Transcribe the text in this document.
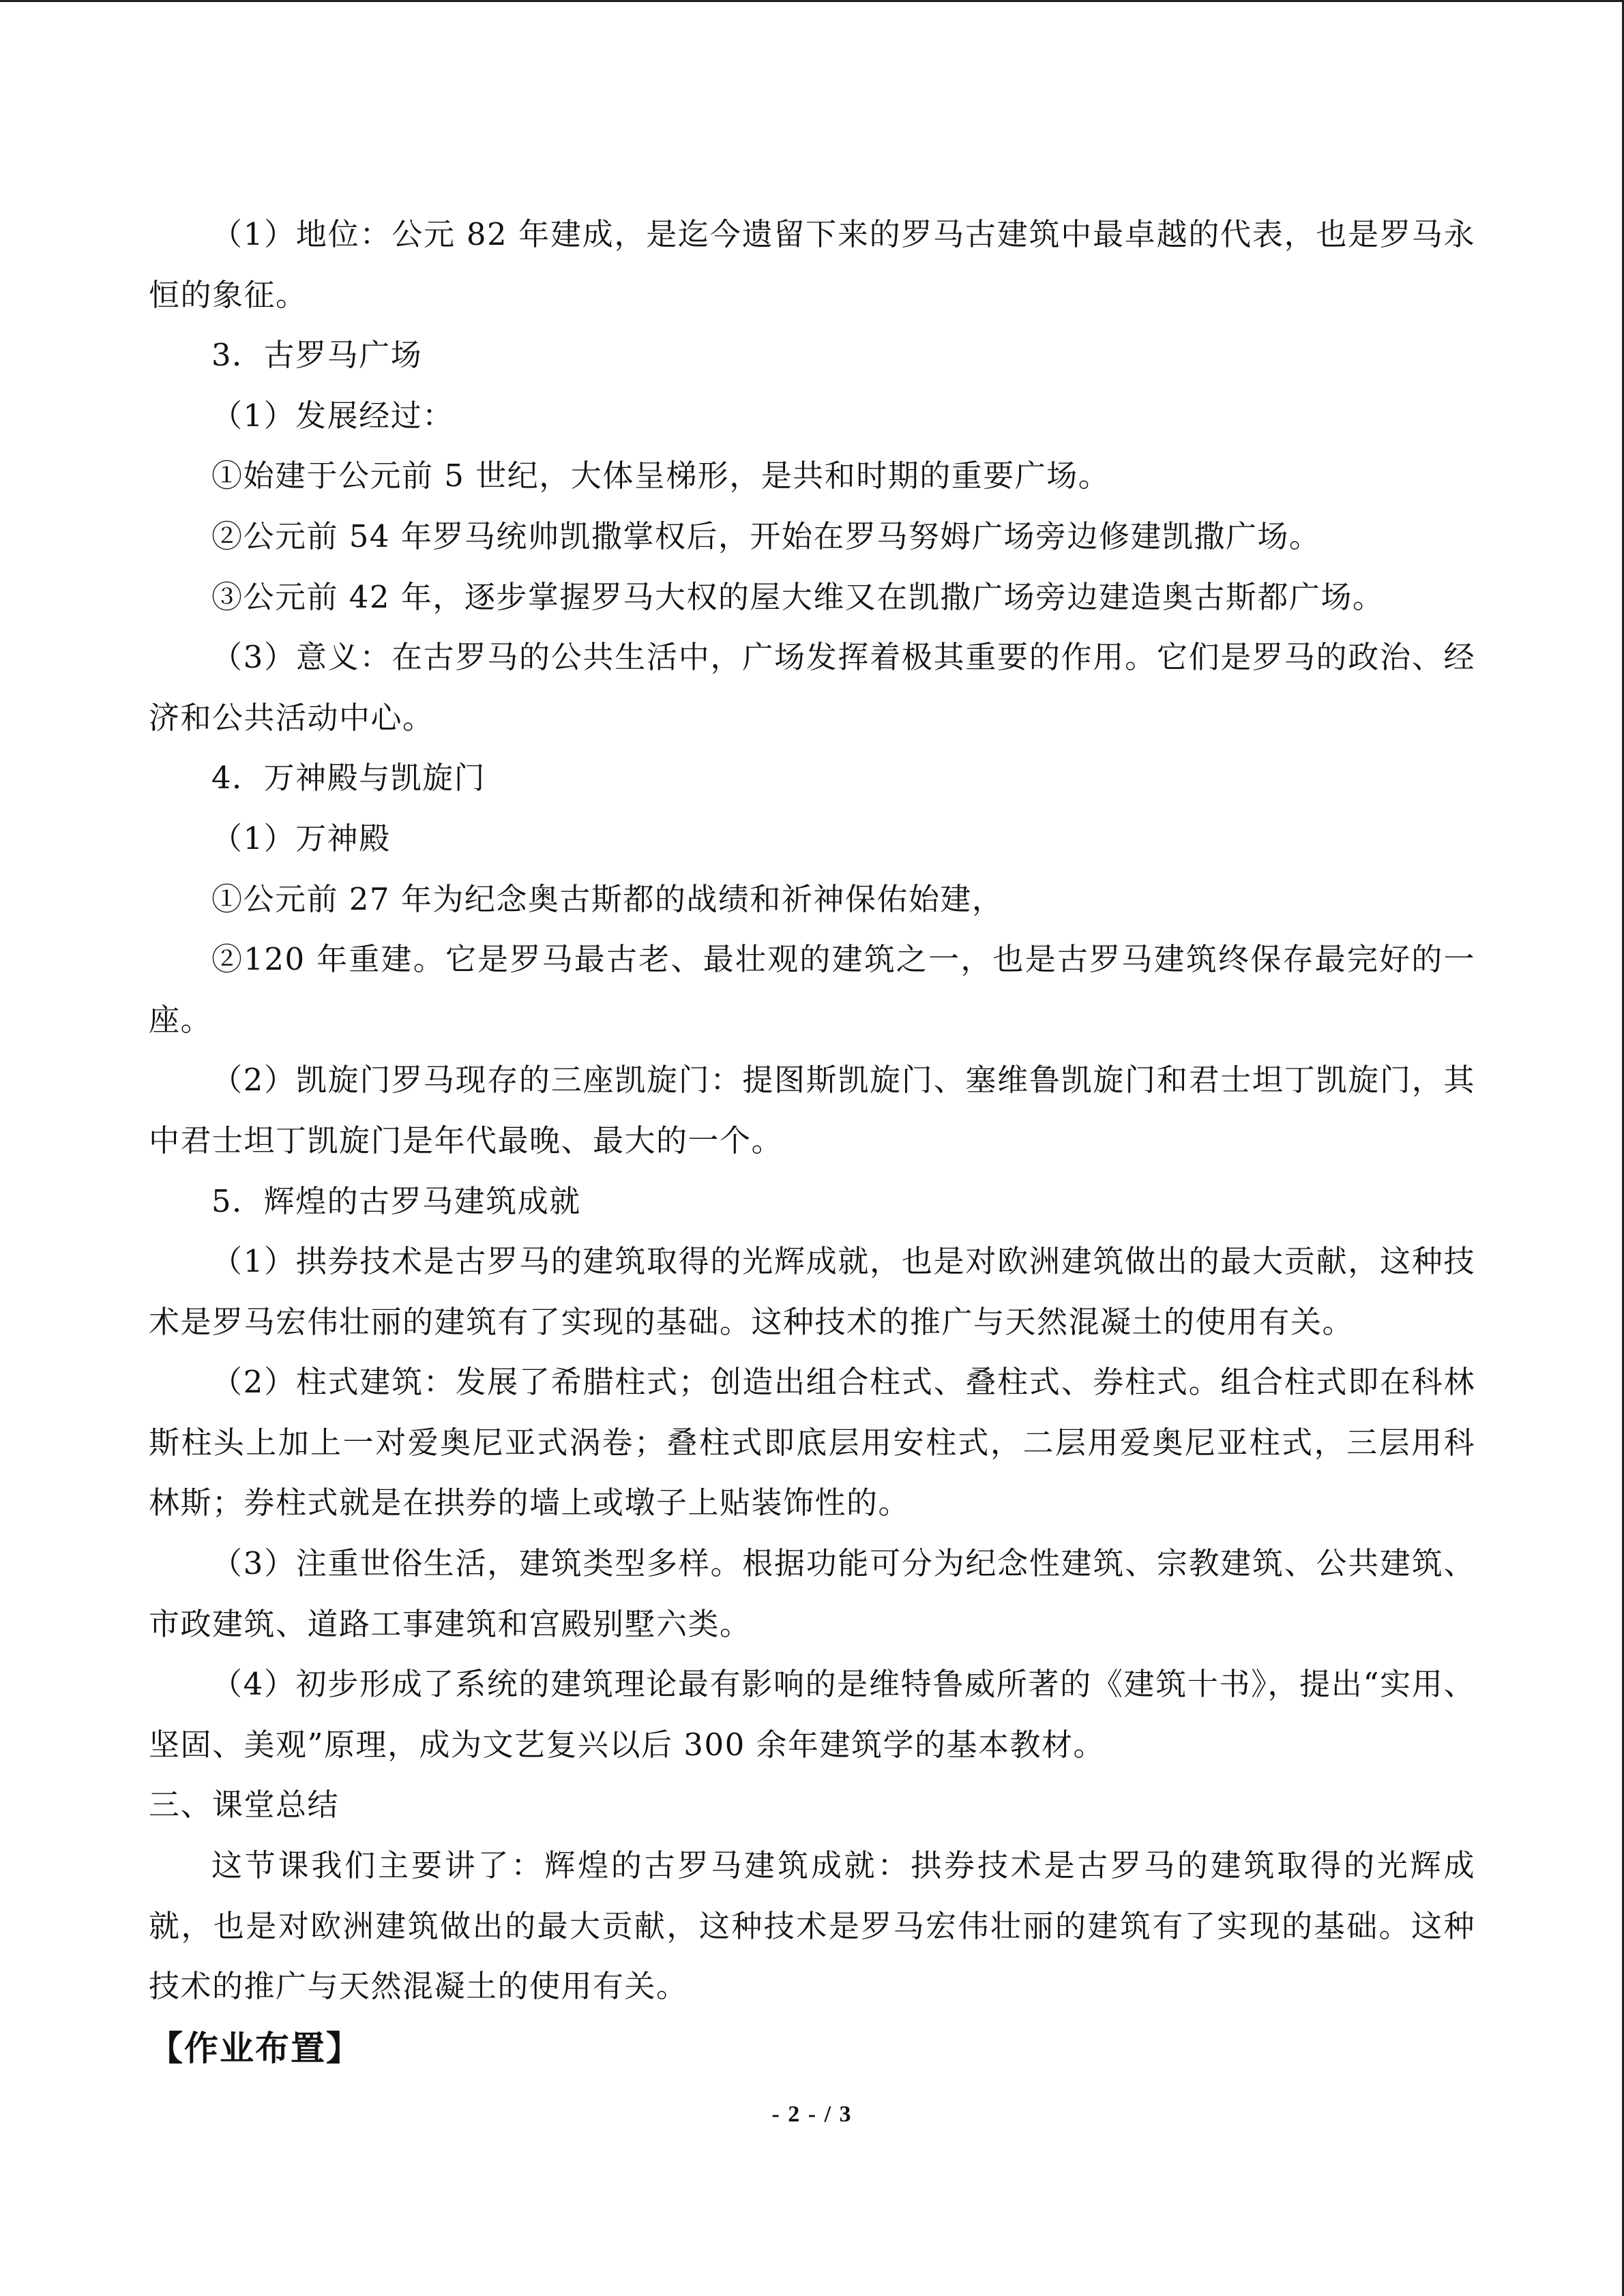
（1）地位：公元 82 年建成，是迄今遗留下来的罗马古建筑中最卓越的代表，也是罗马永恒的象征。

3．古罗马广场

（1）发展经过：

①始建于公元前 5 世纪，大体呈梯形，是共和时期的重要广场。

②公元前 54 年罗马统帅凯撒掌权后，开始在罗马努姆广场旁边修建凯撒广场。

③公元前 42 年，逐步掌握罗马大权的屋大维又在凯撒广场旁边建造奥古斯都广场。

（3）意义：在古罗马的公共生活中，广场发挥着极其重要的作用。它们是罗马的政治、经济和公共活动中心。

4．万神殿与凯旋门

（1）万神殿

①公元前 27 年为纪念奥古斯都的战绩和祈神保佑始建，

②120 年重建。它是罗马最古老、最壮观的建筑之一，也是古罗马建筑终保存最完好的一座。

（2）凯旋门罗马现存的三座凯旋门：提图斯凯旋门、塞维鲁凯旋门和君士坦丁凯旋门，其中君士坦丁凯旋门是年代最晚、最大的一个。

5．辉煌的古罗马建筑成就

（1）拱券技术是古罗马的建筑取得的光辉成就，也是对欧洲建筑做出的最大贡献，这种技术是罗马宏伟壮丽的建筑有了实现的基础。这种技术的推广与天然混凝土的使用有关。

（2）柱式建筑：发展了希腊柱式；创造出组合柱式、叠柱式、券柱式。组合柱式即在科林斯柱头上加上一对爱奥尼亚式涡卷；叠柱式即底层用安柱式，二层用爱奥尼亚柱式，三层用科林斯；券柱式就是在拱券的墙上或墩子上贴装饰性的。

（3）注重世俗生活，建筑类型多样。根据功能可分为纪念性建筑、宗教建筑、公共建筑、市政建筑、道路工事建筑和宫殿别墅六类。

（4）初步形成了系统的建筑理论最有影响的是维特鲁威所著的《建筑十书》，提出“实用、坚固、美观”原理，成为文艺复兴以后 300 余年建筑学的基本教材。

三、课堂总结

这节课我们主要讲了：辉煌的古罗马建筑成就：拱券技术是古罗马的建筑取得的光辉成就，也是对欧洲建筑做出的最大贡献，这种技术是罗马宏伟壮丽的建筑有了实现的基础。这种技术的推广与天然混凝土的使用有关。

【作业布置】

- 2 - / 3
